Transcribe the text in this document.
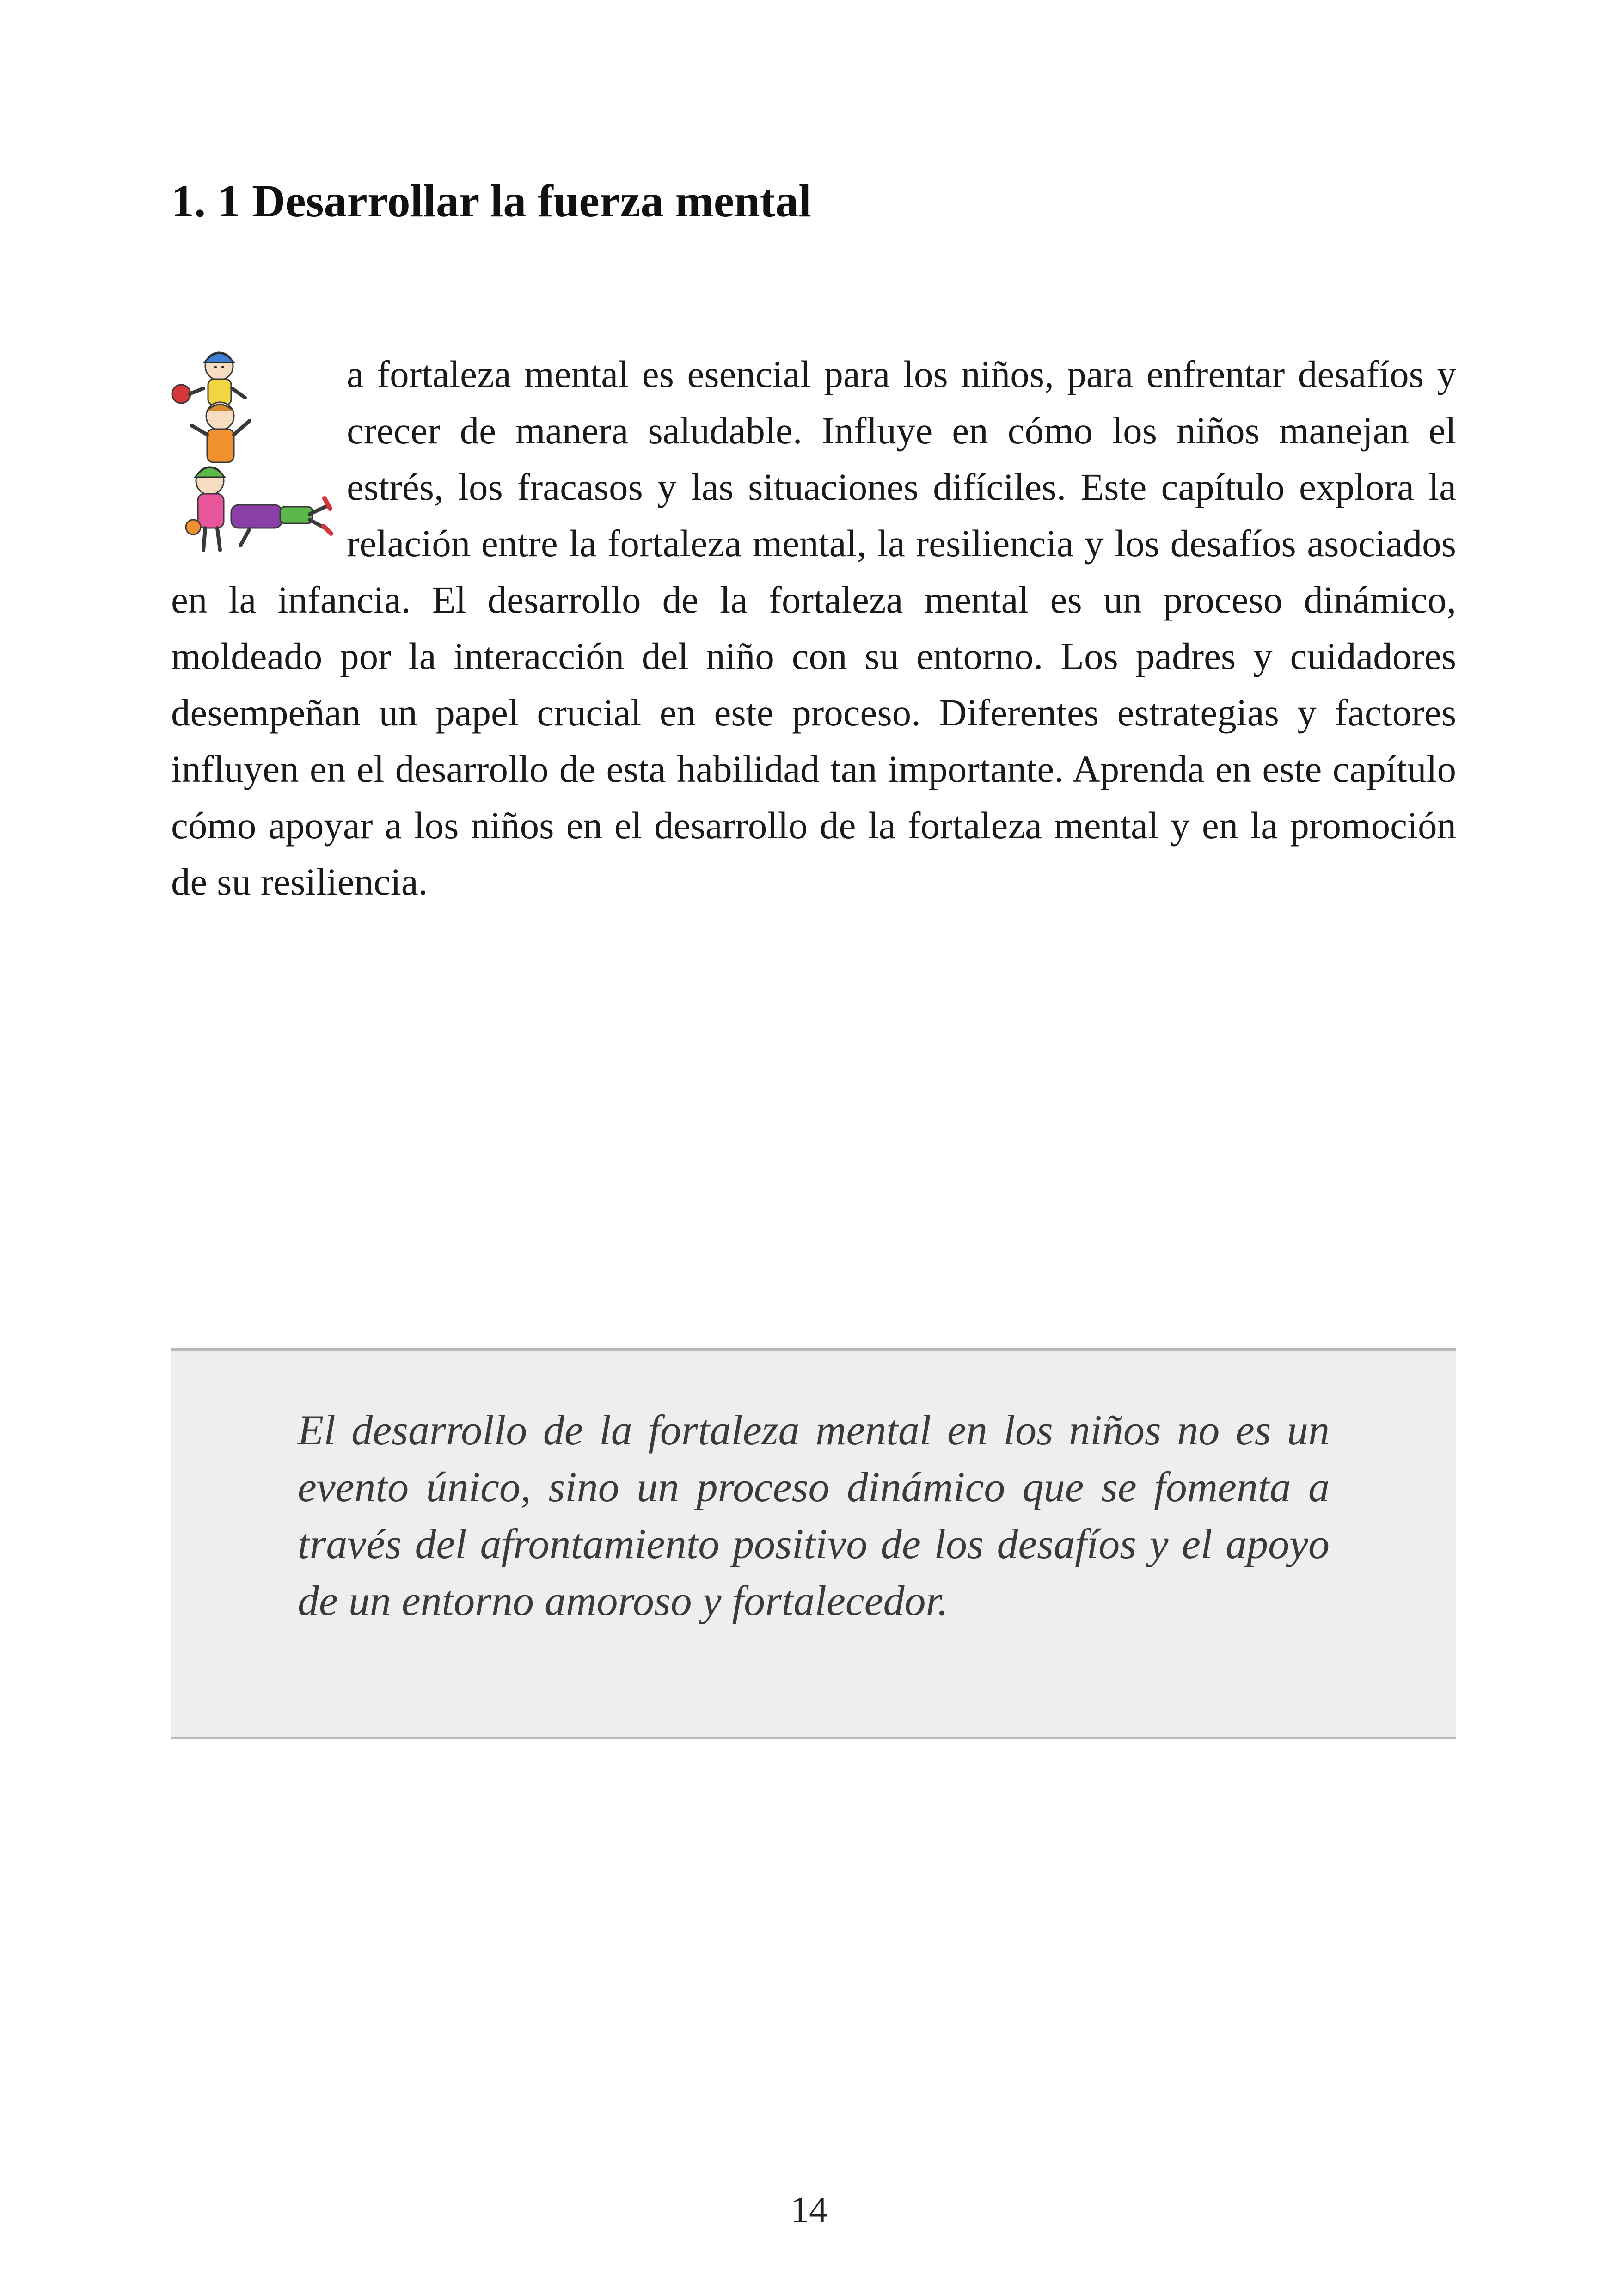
1. 1 Desarrollar la fuerza mental

a fortaleza mental es esencial para los niños, para enfrentar desafíos y crecer de manera saludable. Influye en cómo los niños manejan el estrés, los fracasos y las situaciones difíciles. Este capítulo explora la relación entre la fortaleza mental, la resiliencia y los desafíos asociados en la infancia. El desarrollo de la fortaleza mental es un proceso dinámico, moldeado por la interacción del niño con su entorno. Los padres y cuidadores desempeñan un papel crucial en este proceso. Diferentes estrategias y factores influyen en el desarrollo de esta habilidad tan importante. Aprenda en este capítulo cómo apoyar a los niños en el desarrollo de la fortaleza mental y en la promoción de su resiliencia.

El desarrollo de la fortaleza mental en los niños no es un evento único, sino un proceso dinámico que se fomenta a través del afrontamiento positivo de los desafíos y el apoyo de un entorno amoroso y fortalecedor.

14
